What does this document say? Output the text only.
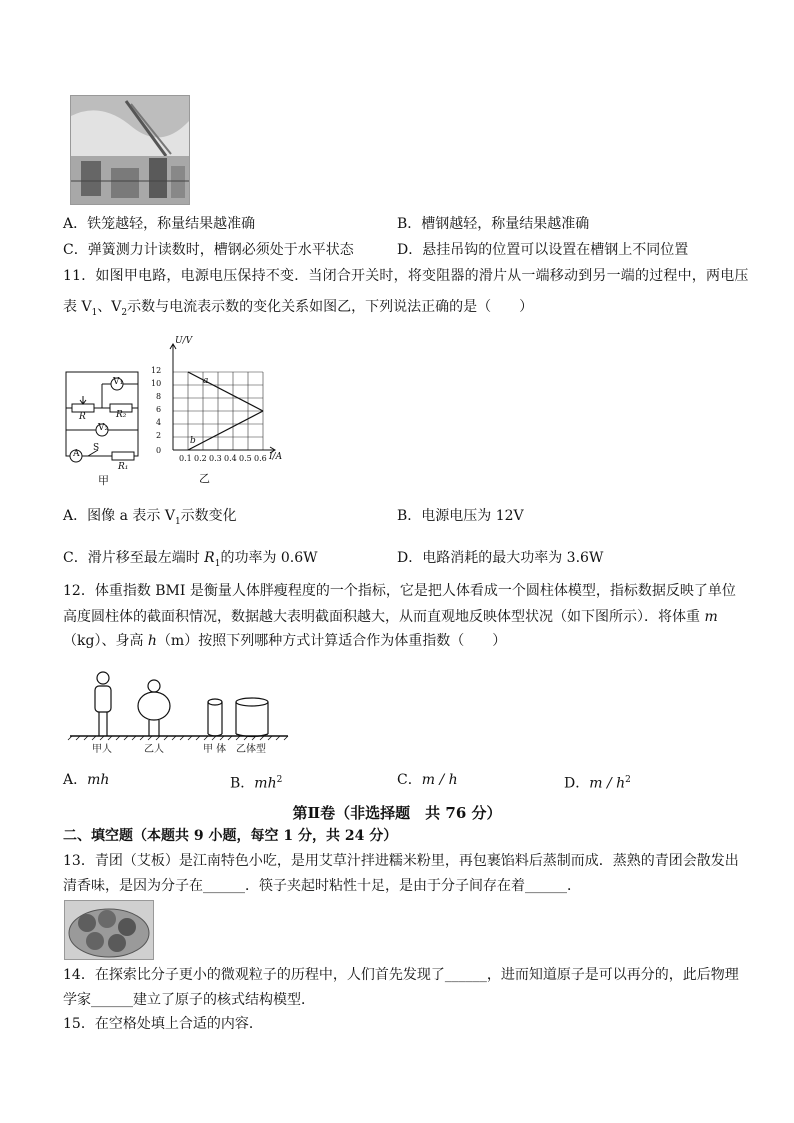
A．铁笼越轻，称量结果越准确	B．槽钢越轻，称量结果越准确
C．弹簧测力计读数时，槽钢必须处于水平状态	D．悬挂吊钩的位置可以设置在槽钢上不同位置
11．如图甲电路，电源电压保持不变．当闭合开关时，将变阻器的滑片从一端移动到另一端的过程中，两电压
表 $V_1$、$V_2$示数与电流表示数的变化关系如图乙，下列说法正确的是（　　）
V₁
V₂
A
R	R₂
R₁
S
甲
U/V
12
10
8
6
4
2
0
0.1 0.2 0.3 0.4 0.5 0.6 I/A
a
b
乙
A．图像 a 表示 $V_1$示数变化	B．电源电压为 12V
C．滑片移至最左端时 $R_1$的功率为 0.6W	D．电路消耗的最大功率为 3.6W
12．体重指数 BMI 是衡量人体胖瘦程度的一个指标，它是把人体看成一个圆柱体模型，指标数据反映了单位
高度圆柱体的截面积情况，数据越大表明截面积越大，从而直观地反映体型状况（如下图所示）．将体重 m
（kg）、身高 h（m）按照下列哪种方式计算适合作为体重指数（　　）
甲人	乙人	甲 体 乙体型
A．mh	B．$mh^2$	C．m / h	D．m / $h^2$
第Ⅱ卷（非选择题　共 76 分）
二、填空题（本题共 9 小题，每空 1 分，共 24 分）
13．青团（艾板）是江南特色小吃，是用艾草汁拌进糯米粉里，再包裹馅料后蒸制而成．蒸熟的青团会散发出
清香味，是因为分子在______．筷子夹起时粘性十足，是由于分子间存在着______．
14．在探索比分子更小的微观粒子的历程中，人们首先发现了______，进而知道原子是可以再分的，此后物理
学家______建立了原子的核式结构模型．
15．在空格处填上合适的内容．
